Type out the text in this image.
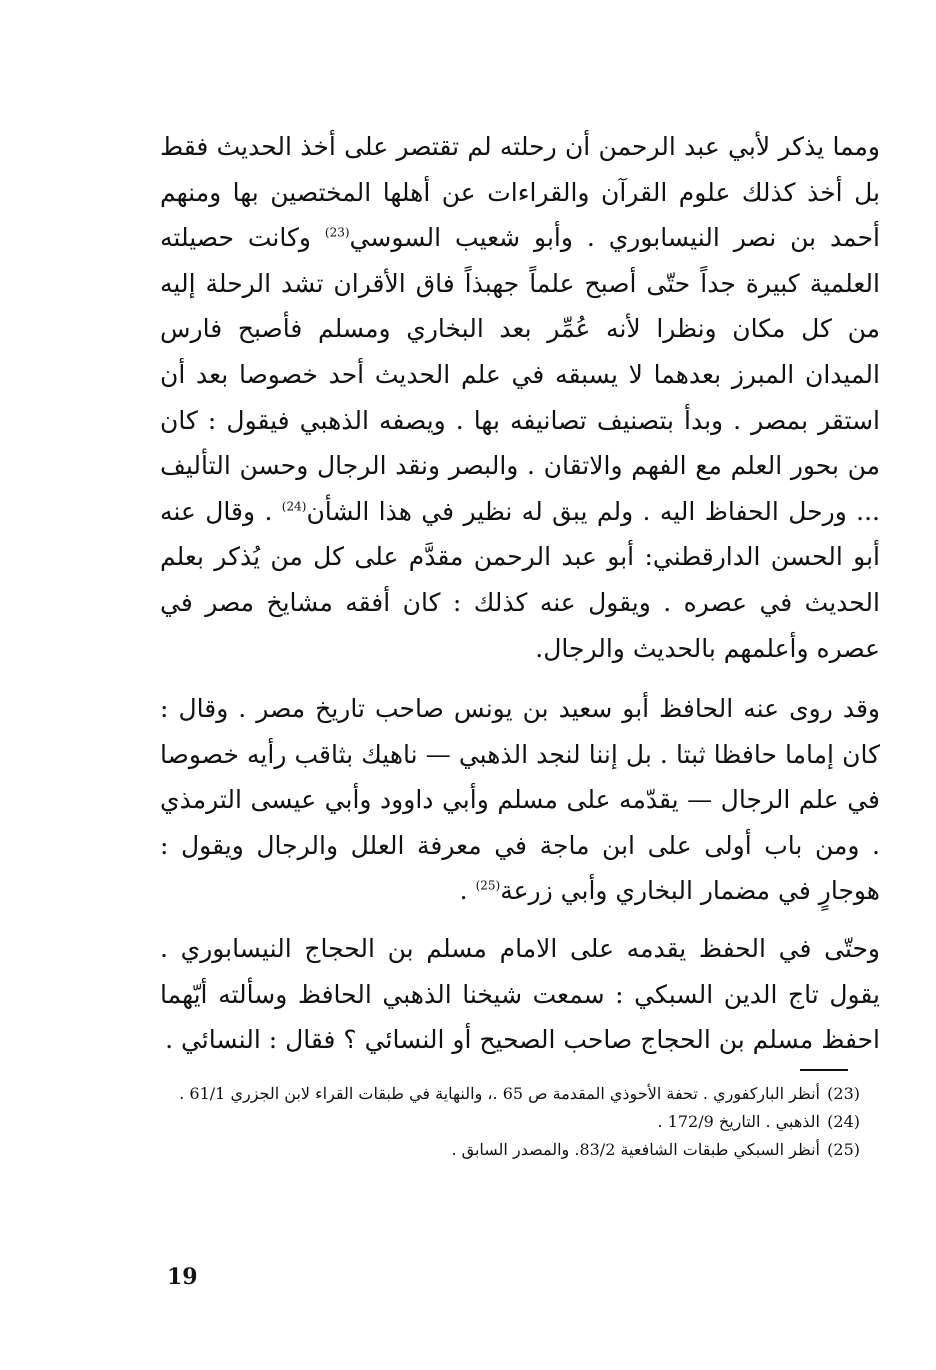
ومما يذكر لأبي عبد الرحمن أن رحلته لم تقتصر على أخذ الحديث فقط بل أخذ كذلك علوم القرآن والقراءات عن أهلها المختصين بها ومنهم أحمد بن نصر النيسابوري . وأبو شعيب السوسي$^{(23)}$ وكانت حصيلته العلمية كبيرة جداً حتّى أصبح علماً جهبذاً فاق الأقران تشد الرحلة إليه من كل مكان ونظرا لأنه عُمِّر بعد البخاري ومسلم فأصبح فارس الميدان المبرز بعدهما لا يسبقه في علم الحديث أحد خصوصا بعد أن استقر بمصر . وبدأ بتصنيف تصانيفه بها . ويصفه الذهبي فيقول : كان من بحور العلم مع الفهم والاتقان . والبصر ونقد الرجال وحسن التأليف ... ورحل الحفاظ اليه . ولم يبق له نظير في هذا الشأن$^{(24)}$ . وقال عنه أبو الحسن الدارقطني: أبو عبد الرحمن مقدَّم على كل من يُذكر بعلم الحديث في عصره . ويقول عنه كذلك : كان أفقه مشايخ مصر في عصره وأعلمهم بالحديث والرجال.

وقد روى عنه الحافظ أبو سعيد بن يونس صاحب تاريخ مصر . وقال : كان إماما حافظا ثبتا . بل إننا لنجد الذهبي — ناهيك بثاقب رأيه خصوصا في علم الرجال — يقدّمه على مسلم وأبي داوود وأبي عيسى الترمذي . ومن باب أولى على ابن ماجة في معرفة العلل والرجال ويقول : هوجارٍ في مضمار البخاري وأبي زرعة$^{(25)}$ .

وحتّى في الحفظ يقدمه على الامام مسلم بن الحجاج النيسابوري . يقول تاج الدين السبكي : سمعت شيخنا الذهبي الحافظ وسألته أيّهما احفظ مسلم بن الحجاج صاحب الصحيح أو النسائي ؟ فقال : النسائي .

(23)
أنظر الباركفوري . تحفة الأحوذي المقدمة ص 65 .، والنهاية في طبقات القراء لابن الجزري 61/1 .
(24)
الذهبي . التاريخ 172/9 .
(25)
أنظر السبكي طبقات الشافعية 83/2. والمصدر السابق .
19
